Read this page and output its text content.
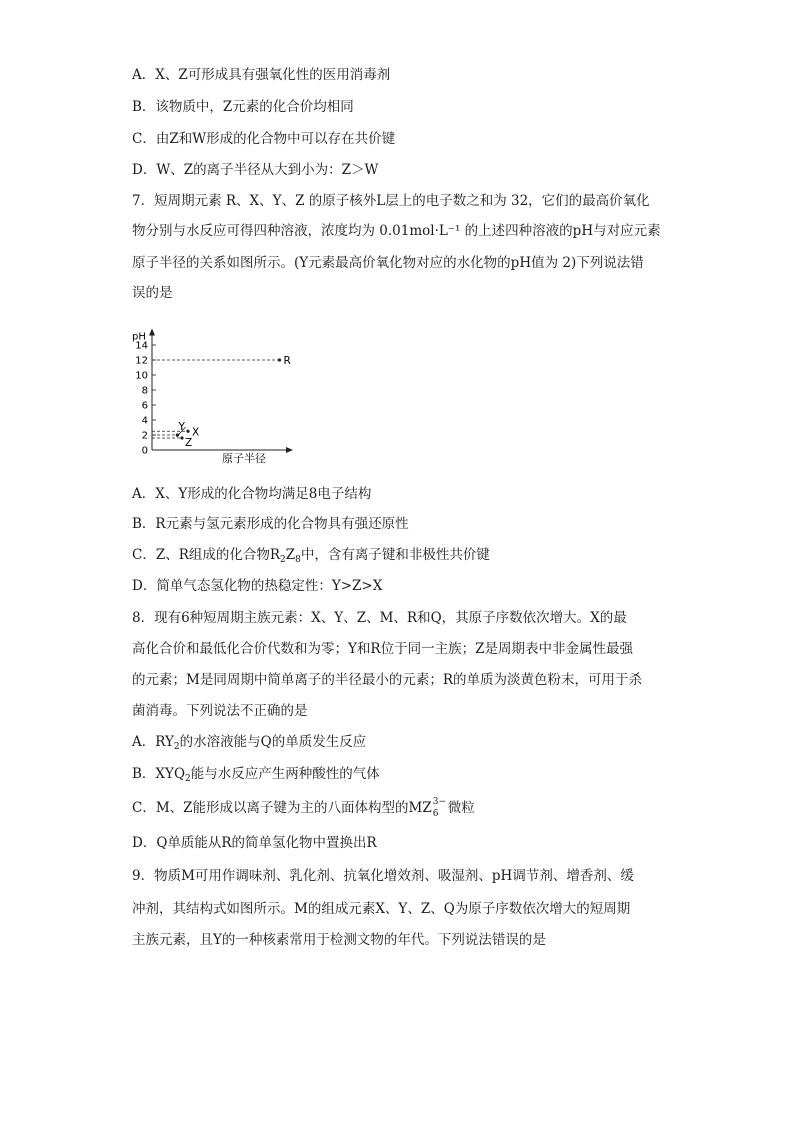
A．X、Z可形成具有强氧化性的医用消毒剂
B．该物质中，Z元素的化合价均相同
C．由Z和W形成的化合物中可以存在共价键
D．W、Z的离子半径从大到小为：Z＞W
7．短周期元素 R、X、Y、Z 的原子核外L层上的电子数之和为 32，它们的最高价氧化
物分别与水反应可得四种溶液，浓度均为 0.01mol·L⁻¹ 的上述四种溶液的pH与对应元素
原子半径的关系如图所示。(Y元素最高价氧化物对应的水化物的pH值为 2)下列说法错
误的是
pH
0
2
4
6
8
10
12
14
原子半径
R
Y X
Z
A．X、Y形成的化合物均满足8电子结构
B．R元素与氢元素形成的化合物具有强还原性
C．Z、R组成的化合物$R_2Z_8$中，含有离子键和非极性共价键
D．简单气态氢化物的热稳定性：Y>Z>X
8．现有6种短周期主族元素：X、Y、Z、M、R和Q，其原子序数依次增大。X的最
高化合价和最低化合价代数和为零；Y和R位于同一主族；Z是周期表中非金属性最强
的元素；M是同周期中简单离子的半径最小的元素；R的单质为淡黄色粉末，可用于杀
菌消毒。下列说法不正确的是
A．$RY_2$的水溶液能与Q的单质发生反应
B．$XYQ_2$能与水反应产生两种酸性的气体
C．M、Z能形成以离子键为主的八面体构型的MZ 3−
6 微粒
D．Q单质能从R的简单氢化物中置换出R
9．物质M可用作调味剂、乳化剂、抗氧化增效剂、吸湿剂、pH调节剂、增香剂、缓
冲剂，其结构式如图所示。M的组成元素X、Y、Z、Q为原子序数依次增大的短周期
主族元素，且Y的一种核素常用于检测文物的年代。下列说法错误的是
